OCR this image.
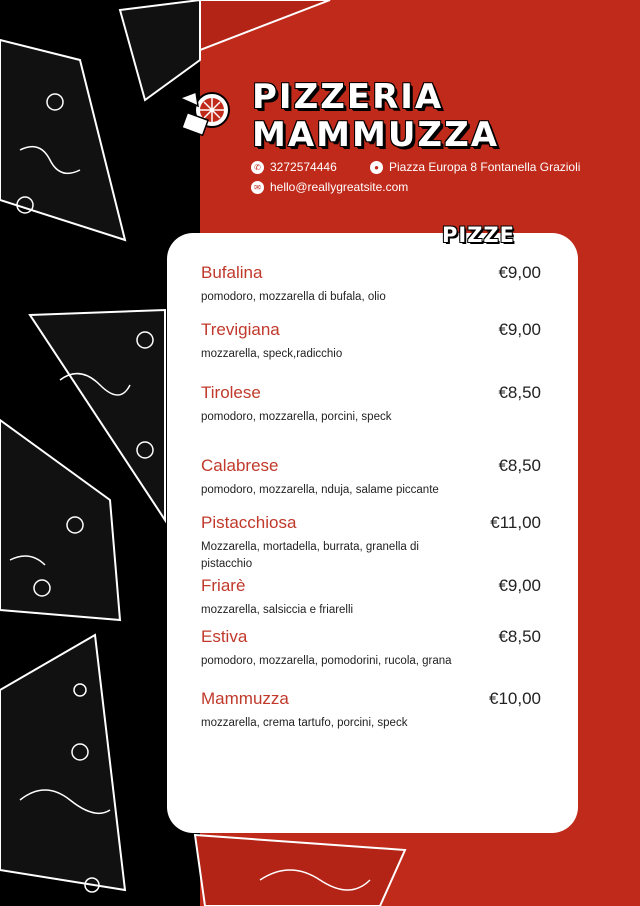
PIZZERIA
MAMMUZZA
✆ 3272574446	● Piazza Europa 8 Fontanella Grazioli
✉ hello@reallygreatsite.com
PIZZE
Bufalina	€9,00
pomodoro, mozzarella di bufala, olio
Trevigiana	€9,00
mozzarella, speck,radicchio
Tirolese	€8,50
pomodoro, mozzarella, porcini, speck
Calabrese	€8,50
pomodoro, mozzarella, nduja, salame piccante
Pistacchiosa	€11,00
Mozzarella, mortadella, burrata, granella di pistacchio
Friarè	€9,00
mozzarella, salsiccia e friarelli
Estiva	€8,50
pomodoro, mozzarella, pomodorini, rucola, grana
Mammuzza	€10,00
mozzarella, crema tartufo, porcini, speck
